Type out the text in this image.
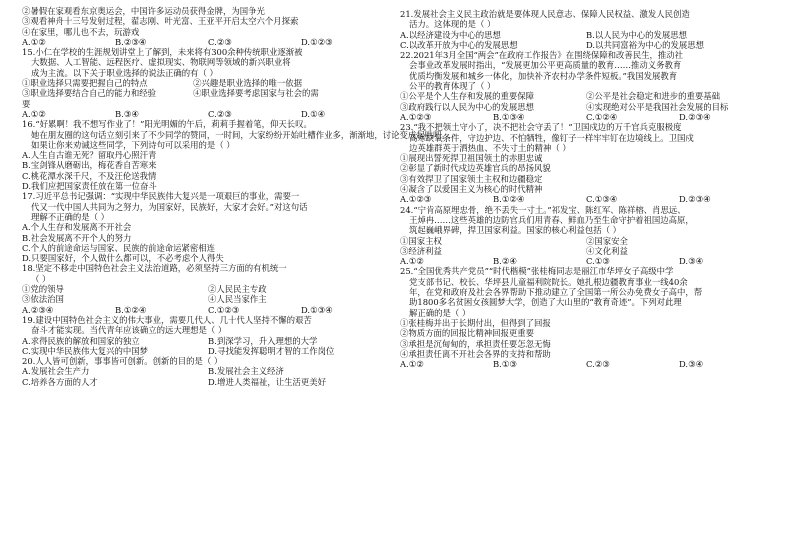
②暑假在家观看东京奥运会，中国许多运动员获得金牌，为国争光
③观看神舟十三号发射过程，翟志刚、叶光富、王亚平开启太空六个月探索
④在家里，哪儿也不去，玩游戏
A.①②	B.②③④	C.②③	D.①②③
15.小仁在学校的生涯规划讲堂上了解到，未来将有300余种传统职业逐渐被
大数据、人工智能、远程医疗、虚拟现实、物联网等领域的新兴职业将
成为主流。以下关于职业选择的说法正确的有（ ）
①职业选择只需要把握自己的特点	②兴趣是职业选择的唯一依据
③职业选择要结合自己的能力和经验	④职业选择要考虑国家与社会的需
要
A.①②	B.③④	C.②③	D.①④
16.“好累啊！我不想写作业了！”阳光明媚的午后，莉莉手握着笔，仰天长叹。
她在朋友圈的这句话立刻引来了不少同学的赞同，一时间，大家纷纷开始吐槽作业多，渐渐地，讨论变成起哄吧。
如果让你来劝诫这些同学，下列诗句可以采用的是（ ）
A.人生自古谁无死？留取丹心照汗青
B.宝剑锋从磨砺出，梅花香自苦寒来
C.桃花潭水深千尺，不及汪伦送我情
D.我们应把国家责任放在第一位奋斗
17.习近平总书记强调：“实现中华民族伟大复兴是一项艰巨的事业，需要一
代又一代中国人共同为之努力，为国家好，民族好，大家才会好。”对这句话
理解不正确的是（ ）
A.个人生存和发展离不开社会
B.社会发展离不开个人的努力
C.个人的前途命运与国家、民族的前途命运紧密相连
D.只要国家好，个人做什么都可以，不必考虑个人得失
18.坚定不移走中国特色社会主义法治道路，必须坚持三方面的有机统一
（ ）
①党的领导	②人民民主专政
③依法治国	④人民当家作主
A.②③④	B.①②④	C.①②③	D.①③④
19.建设中国特色社会主义的伟大事业，需要几代人、几十代人坚持不懈的艰苦
奋斗才能实现。当代青年应该确立的远大理想是（ ）
A.求得民族的解放和国家的独立	B.到深学习，升入理想的大学
C.实现中华民族伟大复兴的中国梦	D.寻找能发挥聪明才智的工作岗位
20.人人皆可创新，事事皆可创新。创新的目的是（ ）
A.发展社会生产力	B.发展社会主义经济
C.培养各方面的人才	D.增进人类福祉，让生活更美好
21.发展社会主义民主政治就是要体现人民意志、保障人民权益、激发人民创造
活力。这体现的是（ ）
A.以经济建设为中心的思想	B.以人民为中心的发展思想
C.以改革开放为中心的发展思想	D.以共同富裕为中心的发展思想
22.2021年3月全国“两会”在政府工作报告》在围绕保障和改善民生，推动社
会事业改革发展时指出，“发展更加公平更高质量的教育……推动义务教育
优质均衡发展和城乡一体化，加快补齐农村办学条件短板。”我国发展教育
公平的教育体现了（ ）
①公平是个人生存和发展的重要保障	②公平是社会稳定和进步的重要基础
③政府践行以人民为中心的发展思想	④实现绝对公平是我国社会发展的目标
A.①②③	B.①③④	C.①②④	D.②③④
23.“我不把领土守小了，决不把社会守丢了！”卫国戍边的万千官兵克服极度
高寒缺氧条件，守边护边、不怕牺牲，像钉子一样牢牢钉在边境线上。卫国戍
边英雄群英于洒热血、不失寸土的精神（ ）
①展现出誓死捍卫祖国领土的赤胆忠诚
②彰显了新时代戍边英雄官兵的昂扬风貌
③有效捍卫了国家领土主权和边疆稳定
④凝含了以爱国主义为核心的时代精神
A.①②③	B.①②④	C.①③④	D.②③④
24.“宁肯高原埋忠骨，绝不丢失一寸土。”祁发宝、陈红军、陈祥榕、肖思远、
王焯冉……这些英雄的边防官兵们用青春、鲜血乃至生命守护着祖国边高原，
筑起巍峨界碑，捍卫国家利益。国家的核心利益包括（ ）
①国家主权	②国家安全
③经济利益	④文化利益
A.①②	B.②④	C.①③	D.③④
25.“全国优秀共产党员”“时代楷模”张桂梅同志是丽江市华坪女子高级中学
党支部书记、校长、华坪县儿童福利院院长。她扎根边疆教育事业一线40余
年，在党和政府及社会各界帮助下推动建立了全国第一所公办免费女子高中，帮
助1800多名贫困女孩圆梦大学，创造了大山里的“教育奇迹”。下列对此理
解正确的是（ ）
①张桂梅并出于长期付出，但得到了回报
②物质方面的回报比精神回报更重要
③承担是沉甸甸的，承担责任要怎忽无悔
④承担责任离不开社会各界的支持和帮助
A.①②	B.①③	C.②③	D.③④
